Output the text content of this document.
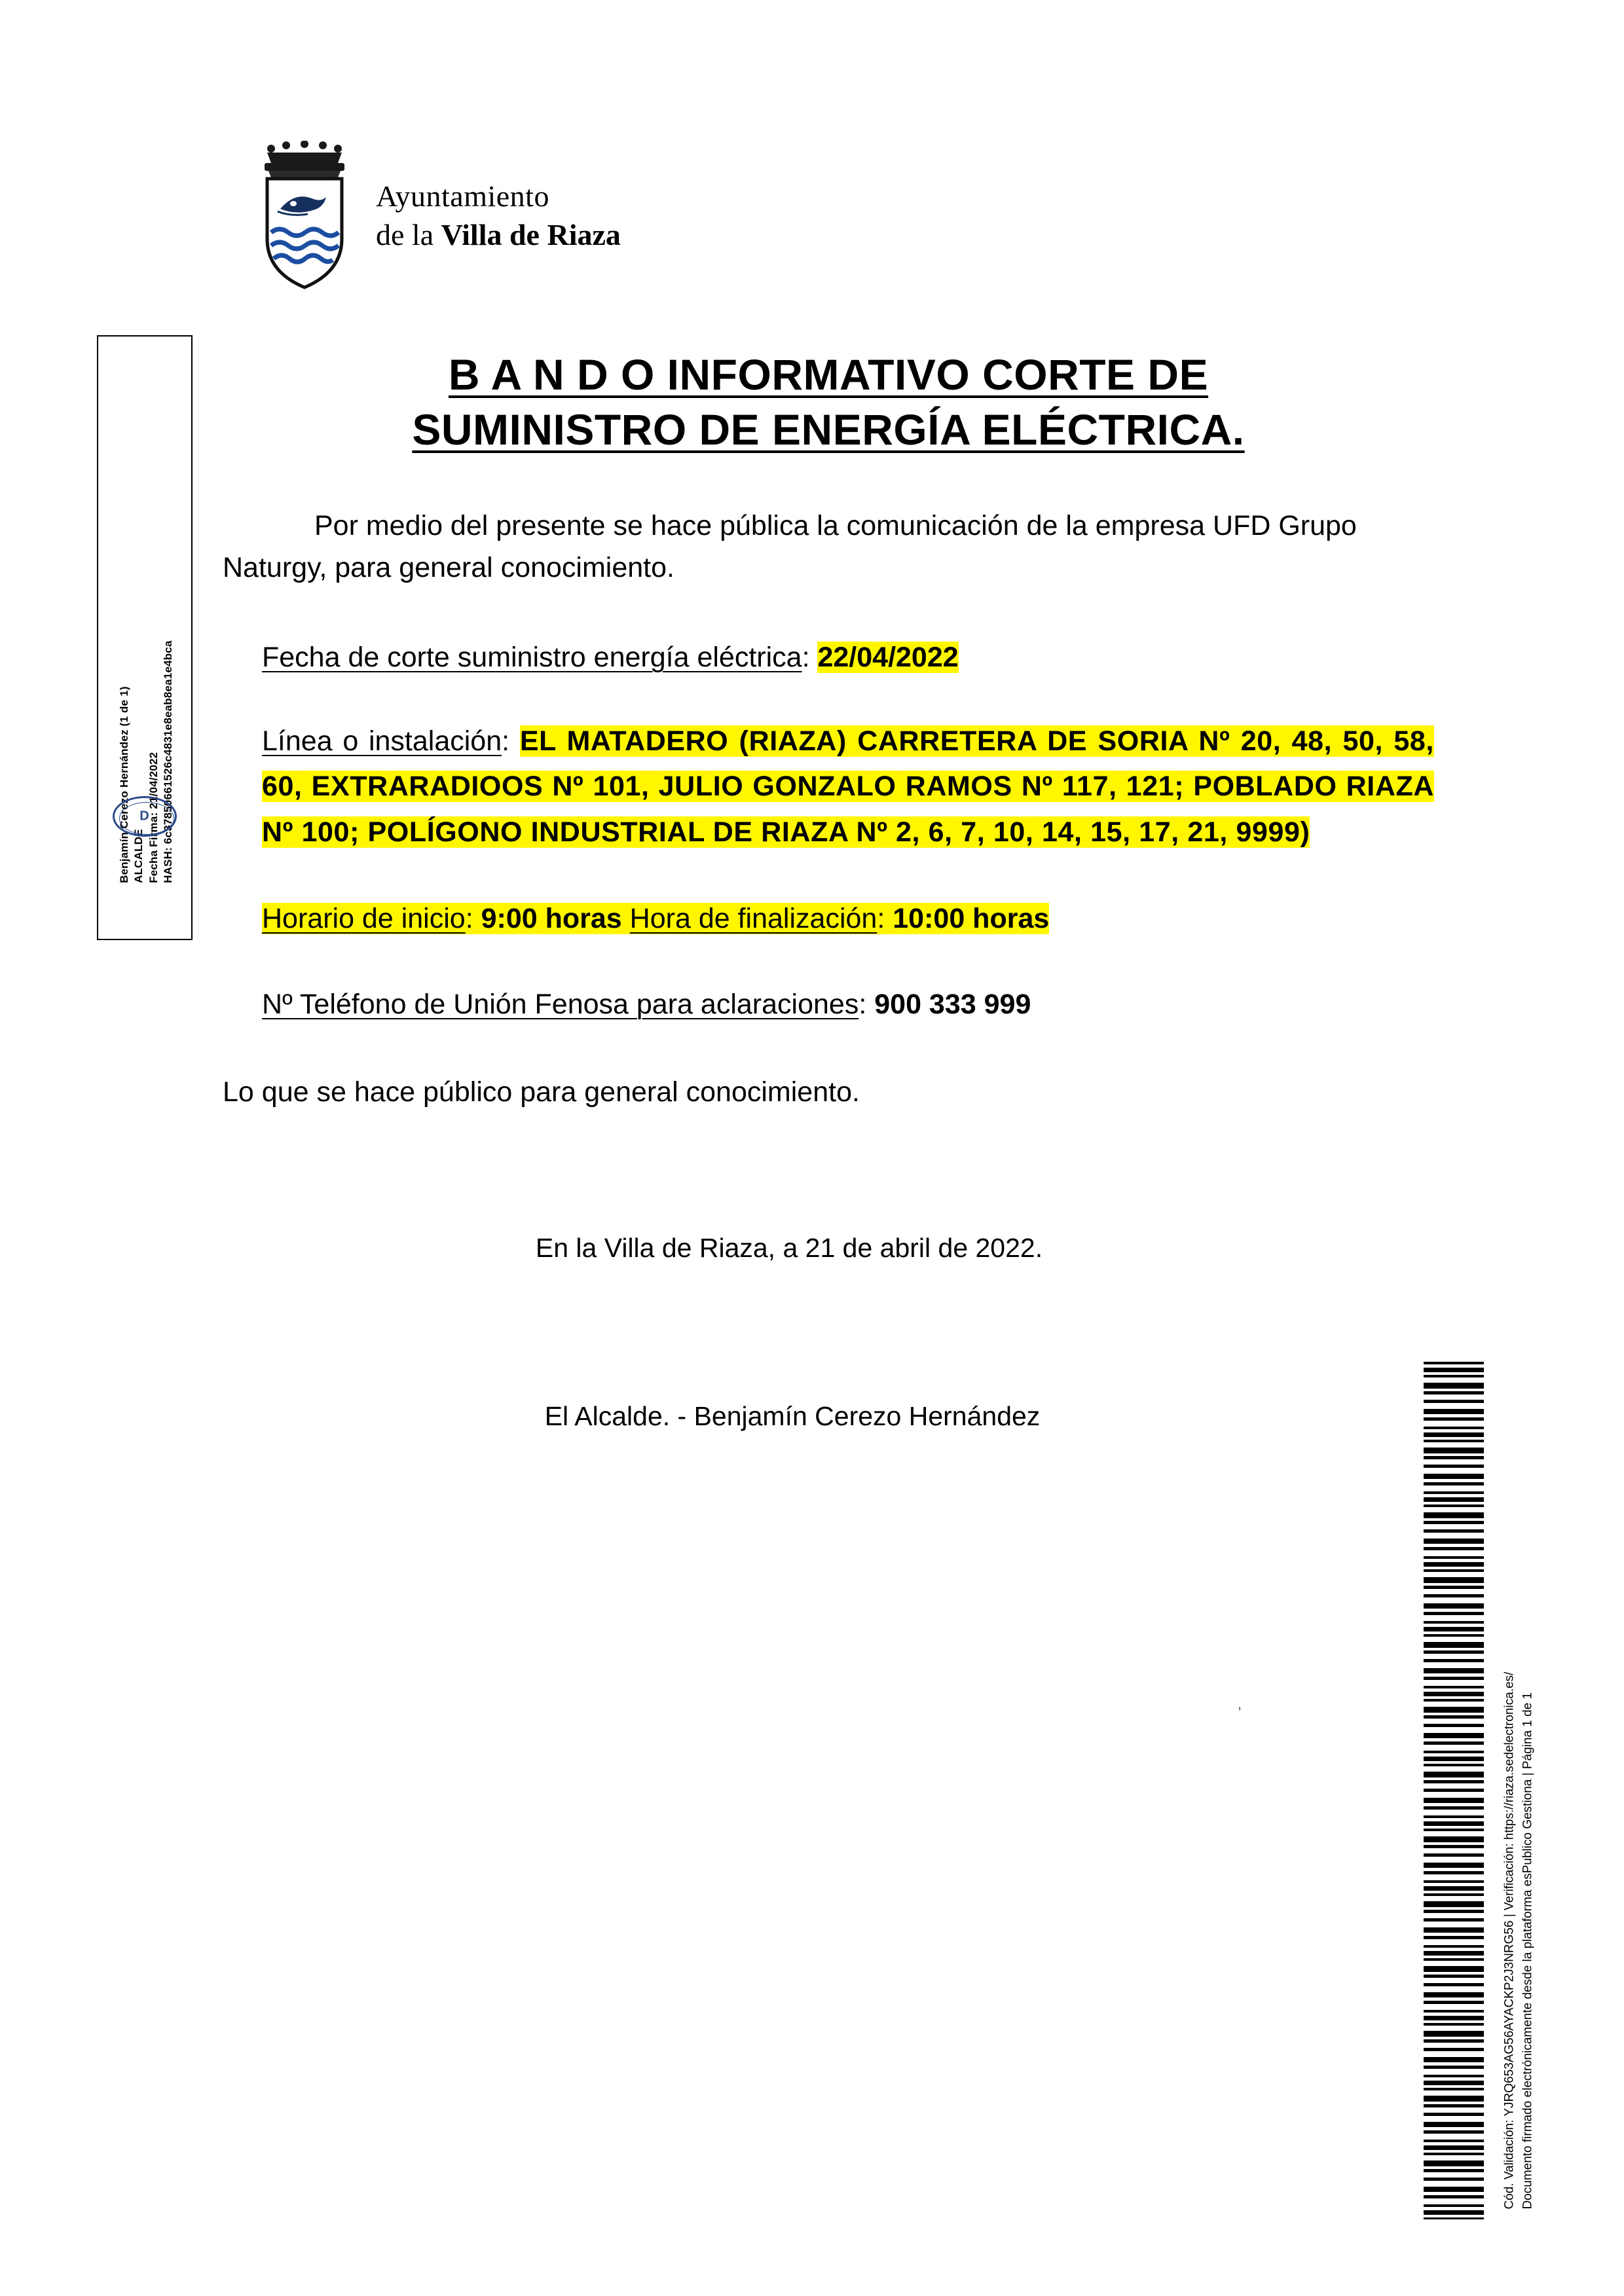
Ayuntamiento
de la Villa de Riaza
Benjamín Cerezo Hernández (1 de 1) ALCALDE Fecha Firma: 21/04/2022 HASH: 6c37850661526c4831e8eab8ea1e4bca
D
B A N D O INFORMATIVO CORTE DE
SUMINISTRO DE ENERGÍA ELÉCTRICA.

Por medio del presente se hace pública la comunicación de la empresa UFD Grupo Naturgy, para general conocimiento.

Fecha de corte suministro energía eléctrica: 22/04/2022
Línea o instalación: EL MATADERO (RIAZA) CARRETERA DE SORIA Nº 20, 48, 50, 58, 60, EXTRARADIOOS Nº 101, JULIO GONZALO RAMOS Nº 117, 121; POBLADO RIAZA Nº 100; POLÍGONO INDUSTRIAL DE RIAZA Nº 2, 6, 7, 10, 14, 15, 17, 21, 9999)
Horario de inicio: 9:00 horas Hora de finalización: 10:00 horas
Nº Teléfono de Unión Fenosa para aclaraciones: 900 333 999

Lo que se hace público para general conocimiento.

En la Villa de Riaza, a 21 de abril de 2022.

El Alcalde. - Benjamín Cerezo Hernández

,	Cód. Validación: YJRQ653AG56AYACKP2J3NRG56 | Verificación: https://riaza.sedelectronica.es/ Documento firmado electrónicamente desde la plataforma esPublico Gestiona | Página 1 de 1
